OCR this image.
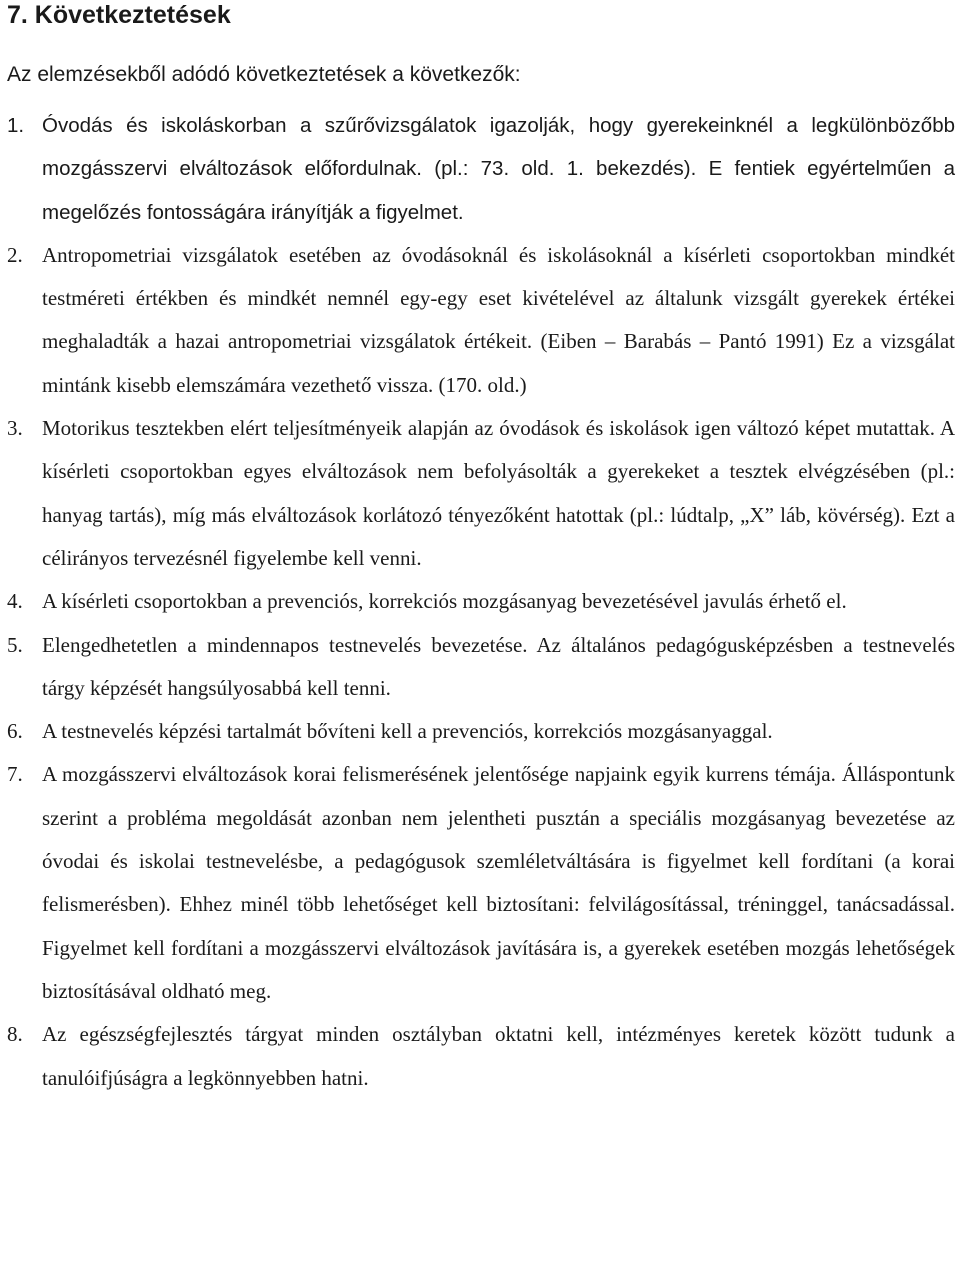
7. Következtetések
Az elemzésekből adódó következtetések a következők:
1. Óvodás és iskoláskorban a szűrővizsgálatok igazolják, hogy gyerekeinknél a legkülönbözőbb mozgásszervi elváltozások előfordulnak. (pl.: 73. old. 1. bekezdés). E fentiek egyértelműen a megelőzés fontosságára irányítják a figyelmet.
2. Antropometriai vizsgálatok esetében az óvodásoknál és iskolásoknál a kísérleti csoportokban mindkét testméreti értékben és mindkét nemnél egy-egy eset kivételével az általunk vizsgált gyerekek értékei meghaladták a hazai antropometriai vizsgálatok értékeit. (Eiben – Barabás – Pantó 1991) Ez a vizsgálat mintánk kisebb elemszámára vezethető vissza. (170. old.)
3. Motorikus tesztekben elért teljesítményeik alapján az óvodások és iskolások igen változó képet mutattak. A kísérleti csoportokban egyes elváltozások nem befolyásolták a gyerekeket a tesztek elvégzésében (pl.: hanyag tartás), míg más elváltozások korlátozó tényezőként hatottak (pl.: lúdtalp, „X” láb, kövérség). Ezt a célirányos tervezésnél figyelembe kell venni.
4. A kísérleti csoportokban a prevenciós, korrekciós mozgásanyag bevezetésével javulás érhető el.
5. Elengedhetetlen a mindennapos testnevelés bevezetése. Az általános pedagógusképzésben a testnevelés tárgy képzését hangsúlyosabbá kell tenni.
6. A testnevelés képzési tartalmát bővíteni kell a prevenciós, korrekciós mozgásanyaggal.
7. A mozgásszervi elváltozások korai felismerésének jelentősége napjaink egyik kurrens témája. Álláspontunk szerint a probléma megoldását azonban nem jelentheti pusztán a speciális mozgásanyag bevezetése az óvodai és iskolai testnevelésbe, a pedagógusok szemléletváltására is figyelmet kell fordítani (a korai felismerésben). Ehhez minél több lehetőséget kell biztosítani: felvilágosítással, tréninggel, tanácsadással. Figyelmet kell fordítani a mozgásszervi elváltozások javítására is, a gyerekek esetében mozgás lehetőségek biztosításával oldható meg.
8. Az egészségfejlesztés tárgyat minden osztályban oktatni kell, intézményes keretek között tudunk a tanulóifjúságra a legkönnyebben hatni.
